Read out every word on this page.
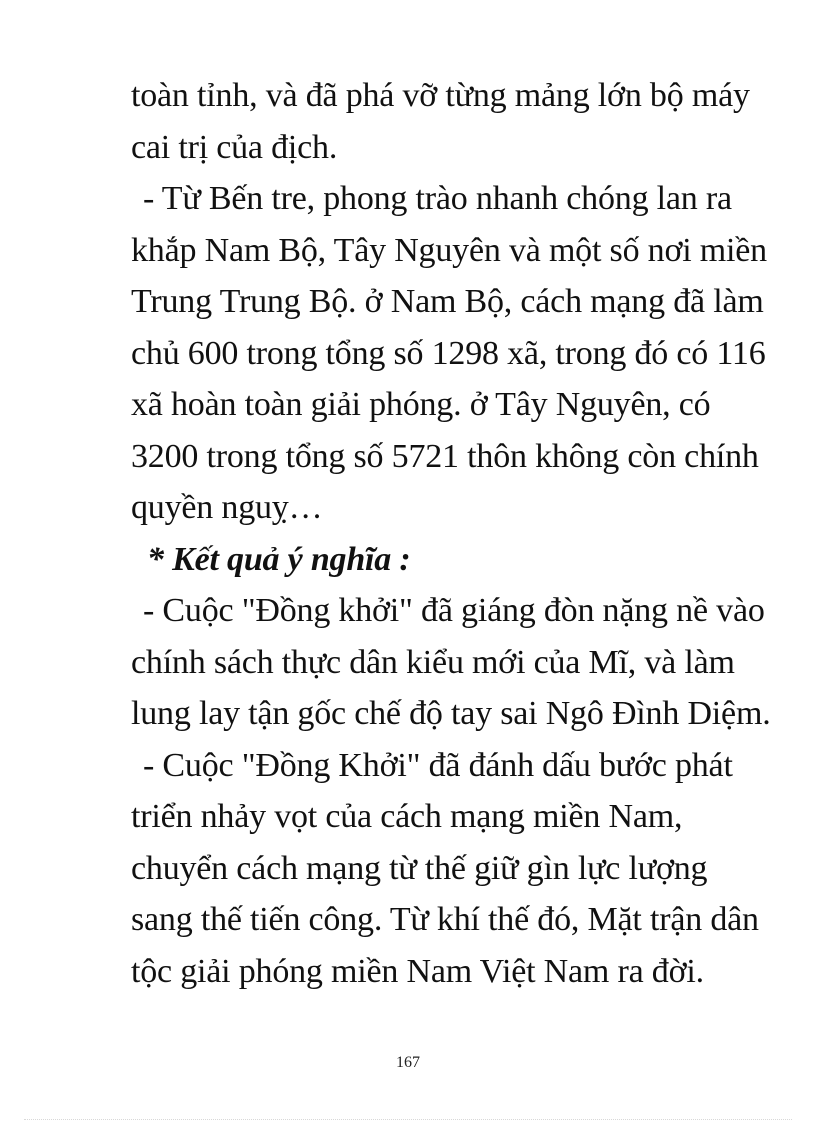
toàn tỉnh, và đã phá vỡ từng mảng lớn bộ máy
cai trị của địch.
- Từ Bến tre, phong trào nhanh chóng lan ra
khắp Nam Bộ, Tây Nguyên và một số nơi miền
Trung Trung Bộ. ở Nam Bộ, cách mạng đã làm
chủ 600 trong tổng số 1298 xã, trong đó có 116
xã hoàn toàn giải phóng. ở Tây Nguyên, có
3200 trong tổng số 5721 thôn không còn chính
quyền nguỵ…
* Kết quả ý nghĩa :
- Cuộc "Đồng khởi" đã giáng đòn nặng nề vào
chính sách thực dân kiểu mới của Mĩ, và làm
lung lay tận gốc chế độ tay sai Ngô Đình Diệm.
- Cuộc "Đồng Khởi" đã đánh dấu bước phát
triển nhảy vọt của cách mạng miền Nam,
chuyển cách mạng từ thế giữ gìn lực lượng
sang thế tiến công. Từ khí thế đó, Mặt trận dân
tộc giải phóng miền Nam Việt Nam ra đời.
167
